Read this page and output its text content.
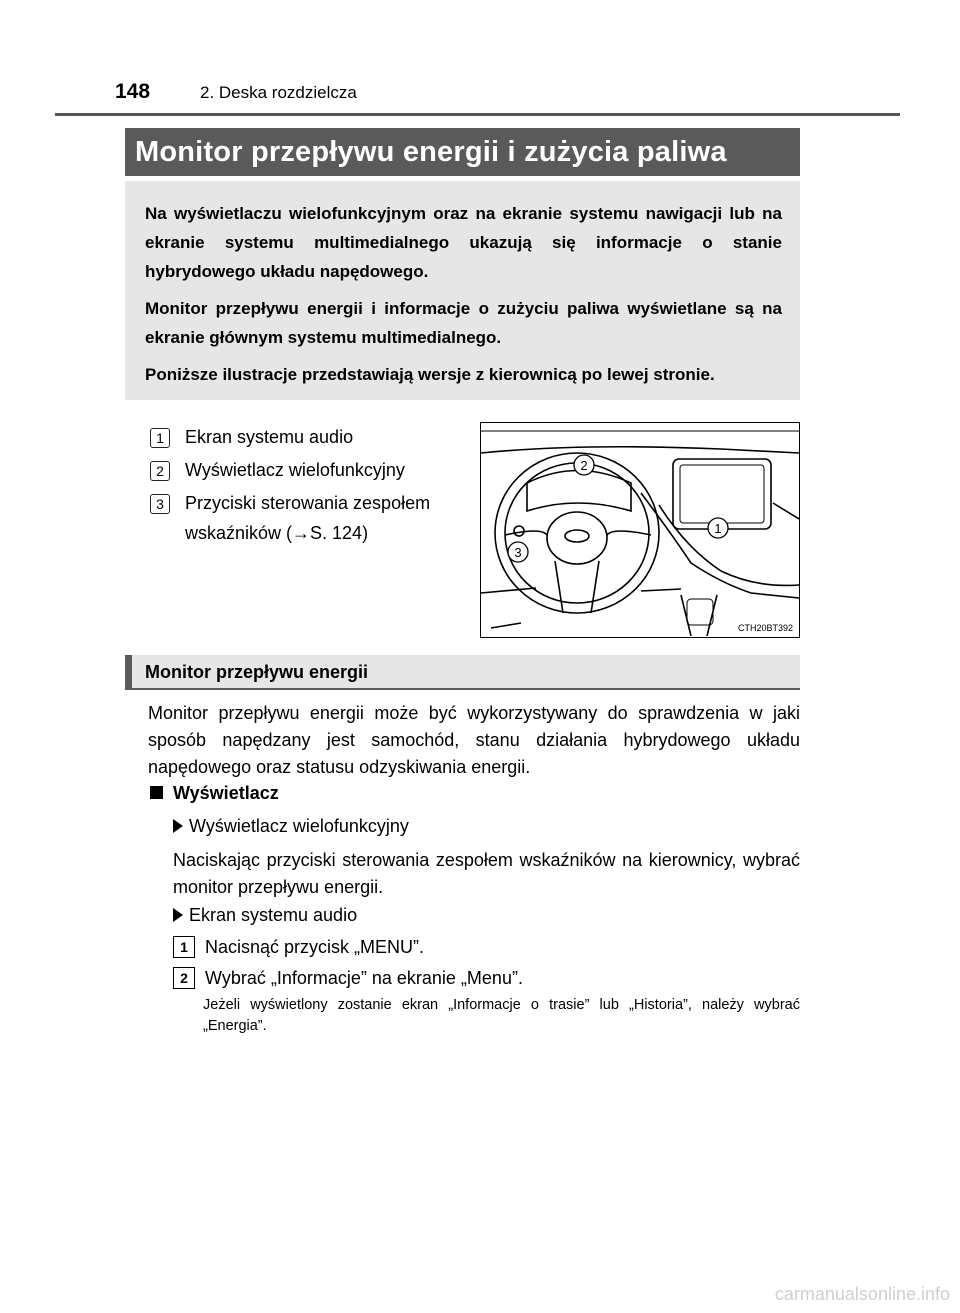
148	2. Deska rozdzielcza
Monitor przepływu energii i zużycia paliwa

Na wyświetlaczu wielofunkcyjnym oraz na ekranie systemu nawigacji lub na ekranie systemu multimedialnego ukazują się informacje o stanie hybrydowego układu napędowego.

Monitor przepływu energii i informacje o zużyciu paliwa wyświetlane są na ekranie głównym systemu multimedialnego.

Poniższe ilustracje przedstawiają wersje z kierownicą po lewej stronie.

1	Ekran systemu audio
2	Wyświetlacz wielofunkcyjny
3	Przyciski sterowania zespołem wskaźników (→S. 124)
2
1
3
CTH20BT392
Monitor przepływu energii
Monitor przepływu energii może być wykorzystywany do sprawdzenia w jaki sposób napędzany jest samochód, stanu działania hybrydowego układu napędowego oraz statusu odzyskiwania energii.
Wyświetlacz
Wyświetlacz wielofunkcyjny
Naciskając przyciski sterowania zespołem wskaźników na kierownicy, wybrać monitor przepływu energii.
Ekran systemu audio
1 Nacisnąć przycisk „MENU”.
2 Wybrać „Informacje” na ekranie „Menu”.
Jeżeli wyświetlony zostanie ekran „Informacje o trasie” lub „Historia”, należy wybrać „Energia”.
carmanualsonline.info
